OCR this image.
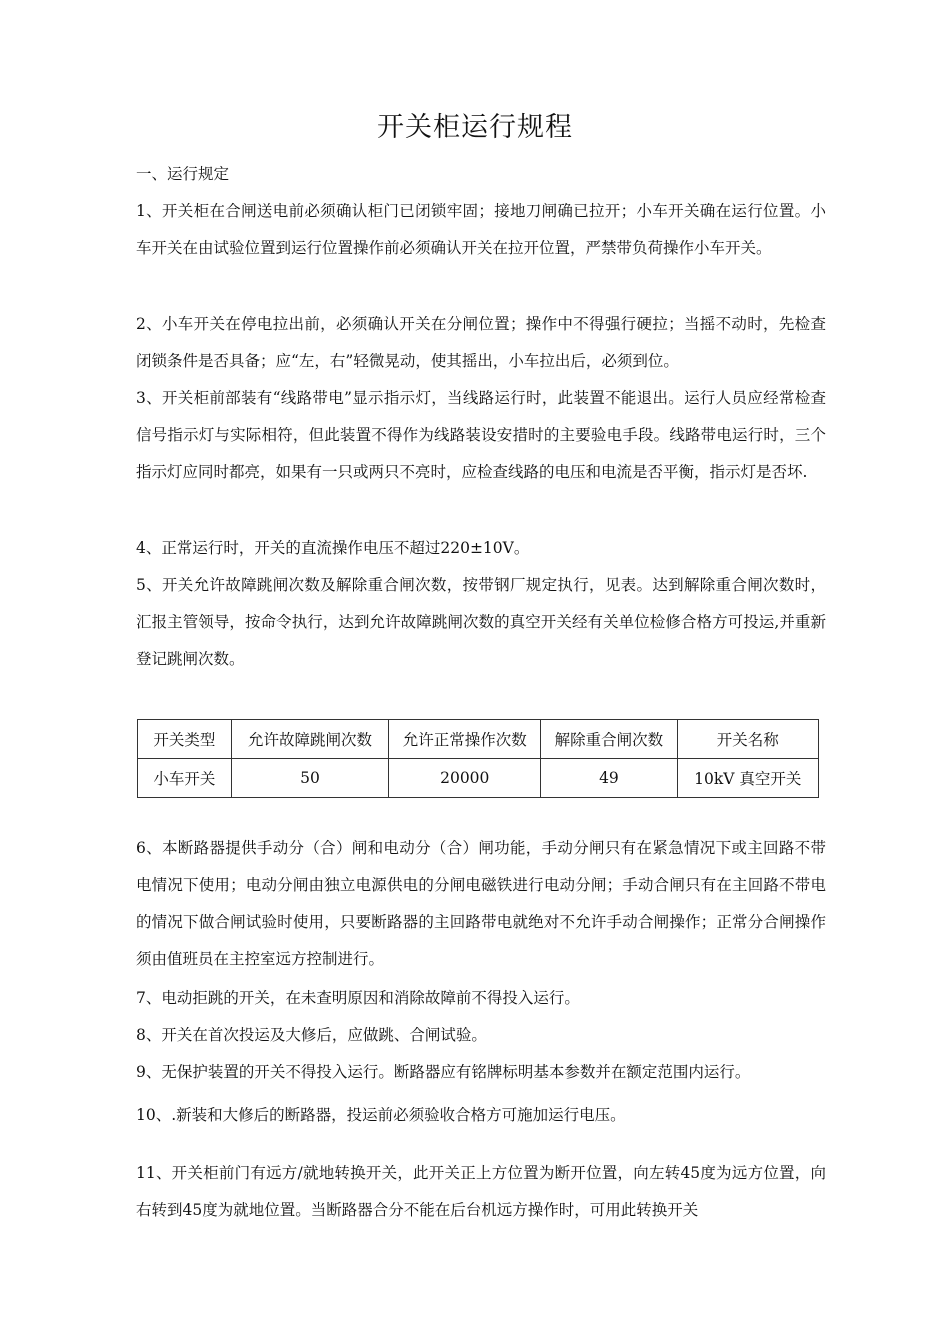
开关柜运行规程
一、运行规定
1、开关柜在合闸送电前必须确认柜门已闭锁牢固；接地刀闸确已拉开；小车开关确在运行位置。小车开关在由试验位置到运行位置操作前必须确认开关在拉开位置，严禁带负荷操作小车开关。
2、小车开关在停电拉出前，必须确认开关在分闸位置；操作中不得强行硬拉；当摇不动时，先检查闭锁条件是否具备；应“左，右”轻微晃动，使其摇出，小车拉出后，必须到位。
3、开关柜前部装有“线路带电”显示指示灯，当线路运行时，此装置不能退出。运行人员应经常检查信号指示灯与实际相符，但此装置不得作为线路装设安措时的主要验电手段。线路带电运行时，三个指示灯应同时都亮，如果有一只或两只不亮时，应检查线路的电压和电流是否平衡，指示灯是否坏.
4、正常运行时，开关的直流操作电压不超过220±10V。
5、开关允许故障跳闸次数及解除重合闸次数，按带钢厂规定执行，见表。达到解除重合闸次数时，汇报主管领导，按命令执行，达到允许故障跳闸次数的真空开关经有关单位检修合格方可投运,并重新登记跳闸次数。
开关类型	允许故障跳闸次数	允许正常操作次数	解除重合闸次数	开关名称
小车开关	50	20000	49	10kV 真空开关
6、本断路器提供手动分（合）闸和电动分（合）闸功能，手动分闸只有在紧急情况下或主回路不带电情况下使用；电动分闸由独立电源供电的分闸电磁铁进行电动分闸；手动合闸只有在主回路不带电的情况下做合闸试验时使用，只要断路器的主回路带电就绝对不允许手动合闸操作；正常分合闸操作须由值班员在主控室远方控制进行。
7、电动拒跳的开关，在未查明原因和消除故障前不得投入运行。
8、开关在首次投运及大修后，应做跳、合闸试验。
9、无保护装置的开关不得投入运行。断路器应有铭牌标明基本参数并在额定范围内运行。
10、.新装和大修后的断路器，投运前必须验收合格方可施加运行电压。
11、开关柜前门有远方/就地转换开关，此开关正上方位置为断开位置，向左转45度为远方位置，向右转到45度为就地位置。当断路器合分不能在后台机远方操作时，可用此转换开关
